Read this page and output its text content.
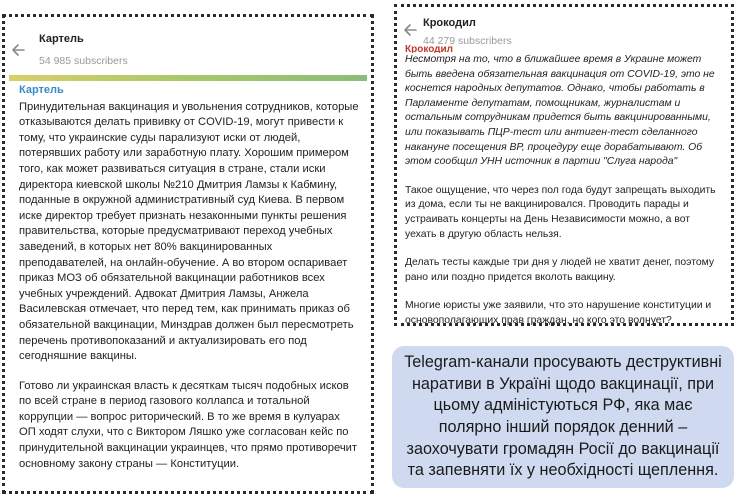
Картель
54 985 subscribers
Картель

Принудительная вакцинация и увольнения сотрудников, которые отказываются делать прививку от COVID-19, могут привести к тому, что украинские суды парализуют иски от людей, потерявших работу или заработную плату. Хорошим примером того, как может развиваться ситуация в стране, стали иски директора киевской школы №210 Дмитрия Ламзы к Кабмину, поданные в окружной административный суд Киева. В первом иске директор требует признать незаконными пункты решения правительства, которые предусматривают переход учебных заведений, в которых нет 80% вакцинированных преподавателей, на онлайн-обучение. А во втором оспаривает приказ МОЗ об обязательной вакцинации работников всех учебных учреждений. Адвокат Дмитрия Ламзы, Анжела Василевская отмечает, что перед тем, как принимать приказ об обязательной вакцинации, Минздрав должен был пересмотреть перечень противопоказаний и актуализировать его под сегодняшние вакцины.

Готово ли украинская власть к десяткам тысяч подобных исков по всей стране в период газового коллапса и тотальной коррупции — вопрос риторический. В то же время в кулуарах ОП ходят слухи, что с Виктором Ляшко уже согласован кейс по принудительной вакцинации украинцев, что прямо противоречит основному закону страны — Конституции.

Крокодил
44 279 subscribers
Крокодил
Несмотря на то, что в ближайшее время в Украине может быть введена обязательная вакцинация от COVID-19, это не коснется народных депутатов. Однако, чтобы работать в Парламенте депутатам, помощникам, журналистам и остальным сотрудникам придется быть вакцинированными, или показывать ПЦР-тест или антиген-тест сделанного накануне посещения ВР, процедуру еще дорабатывают. Об этом сообщил УНН источник в партии "Слуга народа"

Такое ощущение, что через пол года будут запрещать выходить из дома, если ты не вакцинировался. Проводить парады и устраивать концерты на День Независимости можно, а вот уехать в другую область нельзя.

Делать тесты каждые три дня у людей не хватит денег, поэтому рано или поздно придется вколоть вакцину.

Многие юристы уже заявили, что это нарушение конституции и основополагающих прав граждан, но кого это волнует?

Telegram-канали просувають деструктивні наративи в Україні щодо вакцинації, при цьому адміністуються РФ, яка має полярно інший порядок денний – заохочувати громадян Росії до вакцинації та запевняти їх у необхідності щеплення.
